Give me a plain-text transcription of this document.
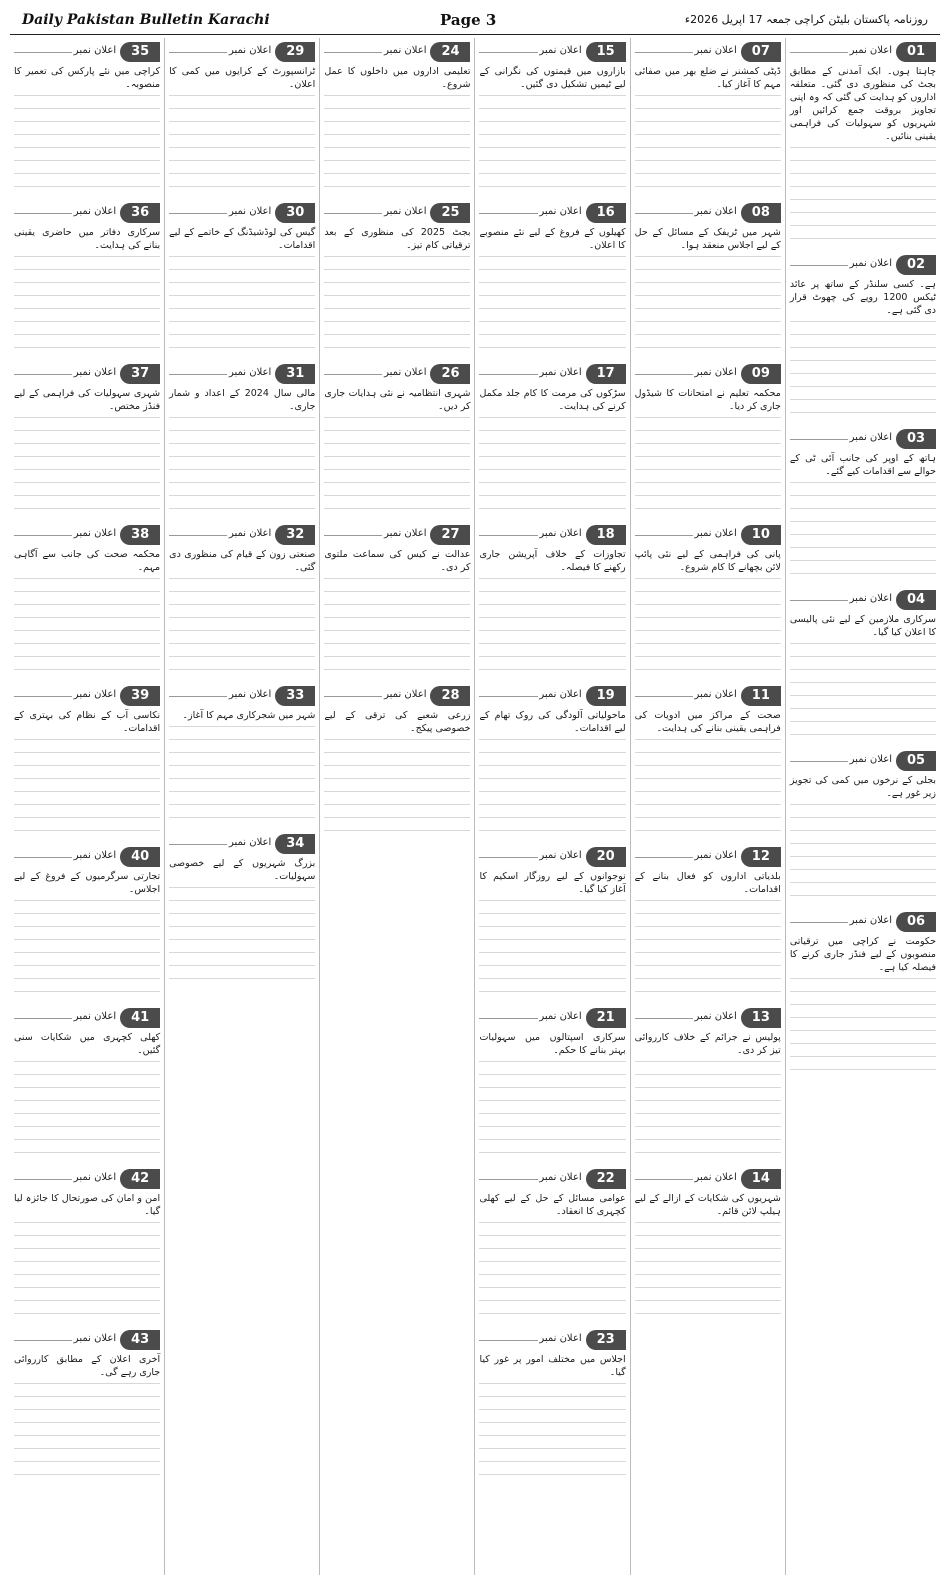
Daily Pakistan Bulletin Karachi	Page 3	روزنامہ پاکستان بلیٹن کراچی جمعہ 17 اپریل 2026ء
01
اعلان نمبر

چاہتا ہوں۔ ایک آمدنی کے مطابق بجٹ کی منظوری دی گئی۔ متعلقہ اداروں کو ہدایت کی گئی کہ وہ اپنی تجاویز بروقت جمع کرائیں اور شہریوں کو سہولیات کی فراہمی یقینی بنائیں۔

02
اعلان نمبر

ہے۔ کسی سلنڈر کے ساتھ پر عائد ٹیکس 1200 روپے کی چھوٹ قرار دی گئی ہے۔

03
اعلان نمبر

ہاتھ کے اوپر کی جانب آئی ٹی کے حوالے سے اقدامات کیے گئے۔

04
اعلان نمبر

سرکاری ملازمین کے لیے نئی پالیسی کا اعلان کیا گیا۔

05
اعلان نمبر

بجلی کے نرخوں میں کمی کی تجویز زیر غور ہے۔

06
اعلان نمبر

حکومت نے کراچی میں ترقیاتی منصوبوں کے لیے فنڈز جاری کرنے کا فیصلہ کیا ہے۔

07
اعلان نمبر

ڈپٹی کمشنر نے ضلع بھر میں صفائی مہم کا آغاز کیا۔

08
اعلان نمبر

شہر میں ٹریفک کے مسائل کے حل کے لیے اجلاس منعقد ہوا۔

09
اعلان نمبر

محکمہ تعلیم نے امتحانات کا شیڈول جاری کر دیا۔

10
اعلان نمبر

پانی کی فراہمی کے لیے نئی پائپ لائن بچھانے کا کام شروع۔

11
اعلان نمبر

صحت کے مراکز میں ادویات کی فراہمی یقینی بنانے کی ہدایت۔

12
اعلان نمبر

بلدیاتی اداروں کو فعال بنانے کے اقدامات۔

13
اعلان نمبر

پولیس نے جرائم کے خلاف کارروائی تیز کر دی۔

14
اعلان نمبر

شہریوں کی شکایات کے ازالے کے لیے ہیلپ لائن قائم۔

15
اعلان نمبر

بازاروں میں قیمتوں کی نگرانی کے لیے ٹیمیں تشکیل دی گئیں۔

16
اعلان نمبر

کھیلوں کے فروغ کے لیے نئے منصوبے کا اعلان۔

17
اعلان نمبر

سڑکوں کی مرمت کا کام جلد مکمل کرنے کی ہدایت۔

18
اعلان نمبر

تجاوزات کے خلاف آپریشن جاری رکھنے کا فیصلہ۔

19
اعلان نمبر

ماحولیاتی آلودگی کی روک تھام کے لیے اقدامات۔

20
اعلان نمبر

نوجوانوں کے لیے روزگار اسکیم کا آغاز کیا گیا۔

21
اعلان نمبر

سرکاری اسپتالوں میں سہولیات بہتر بنانے کا حکم۔

22
اعلان نمبر

عوامی مسائل کے حل کے لیے کھلی کچہری کا انعقاد۔

23
اعلان نمبر

اجلاس میں مختلف امور پر غور کیا گیا۔

24
اعلان نمبر

تعلیمی اداروں میں داخلوں کا عمل شروع۔

25
اعلان نمبر

بجٹ 2025 کی منظوری کے بعد ترقیاتی کام تیز۔

26
اعلان نمبر

شہری انتظامیہ نے نئی ہدایات جاری کر دیں۔

27
اعلان نمبر

عدالت نے کیس کی سماعت ملتوی کر دی۔

28
اعلان نمبر

زرعی شعبے کی ترقی کے لیے خصوصی پیکج۔

29
اعلان نمبر

ٹرانسپورٹ کے کرایوں میں کمی کا اعلان۔

30
اعلان نمبر

گیس کی لوڈشیڈنگ کے خاتمے کے لیے اقدامات۔

31
اعلان نمبر

مالی سال 2024 کے اعداد و شمار جاری۔

32
اعلان نمبر

صنعتی زون کے قیام کی منظوری دی گئی۔

33
اعلان نمبر

شہر میں شجرکاری مہم کا آغاز۔

34
اعلان نمبر

بزرگ شہریوں کے لیے خصوصی سہولیات۔

35
اعلان نمبر

کراچی میں نئے پارکس کی تعمیر کا منصوبہ۔

36
اعلان نمبر

سرکاری دفاتر میں حاضری یقینی بنانے کی ہدایت۔

37
اعلان نمبر

شہری سہولیات کی فراہمی کے لیے فنڈز مختص۔

38
اعلان نمبر

محکمہ صحت کی جانب سے آگاہی مہم۔

39
اعلان نمبر

نکاسی آب کے نظام کی بہتری کے اقدامات۔

40
اعلان نمبر

تجارتی سرگرمیوں کے فروغ کے لیے اجلاس۔

41
اعلان نمبر

کھلی کچہری میں شکایات سنی گئیں۔

42
اعلان نمبر

امن و امان کی صورتحال کا جائزہ لیا گیا۔

43
اعلان نمبر

آخری اعلان کے مطابق کارروائی جاری رہے گی۔
